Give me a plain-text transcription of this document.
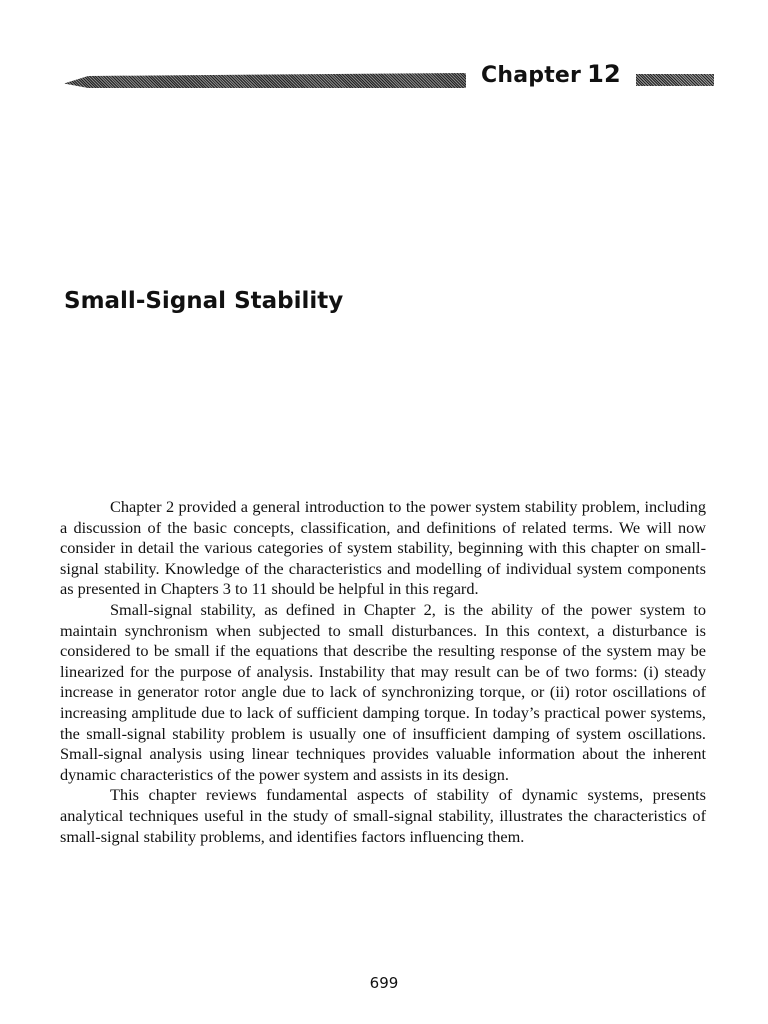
Chapter 12
Small-Signal Stability

Chapter 2 provided a general introduction to the power system stability problem, including a discussion of the basic concepts, classification, and definitions of related terms. We will now consider in detail the various categories of system stability, beginning with this chapter on small-signal stability. Knowledge of the characteristics and modelling of individual system components as presented in Chapters 3 to 11 should be helpful in this regard.

Small-signal stability, as defined in Chapter 2, is the ability of the power system to maintain synchronism when subjected to small disturbances. In this context, a disturbance is considered to be small if the equations that describe the resulting response of the system may be linearized for the purpose of analysis. Instability that may result can be of two forms: (i) steady increase in generator rotor angle due to lack of synchronizing torque, or (ii) rotor oscillations of increasing amplitude due to lack of sufficient damping torque. In today’s practical power systems, the small-signal stability problem is usually one of insufficient damping of system oscillations. Small-signal analysis using linear techniques provides valuable information about the inherent dynamic characteristics of the power system and assists in its design.

This chapter reviews fundamental aspects of stability of dynamic systems, presents analytical techniques useful in the study of small-signal stability, illustrates the characteristics of small-signal stability problems, and identifies factors influencing them.

699
